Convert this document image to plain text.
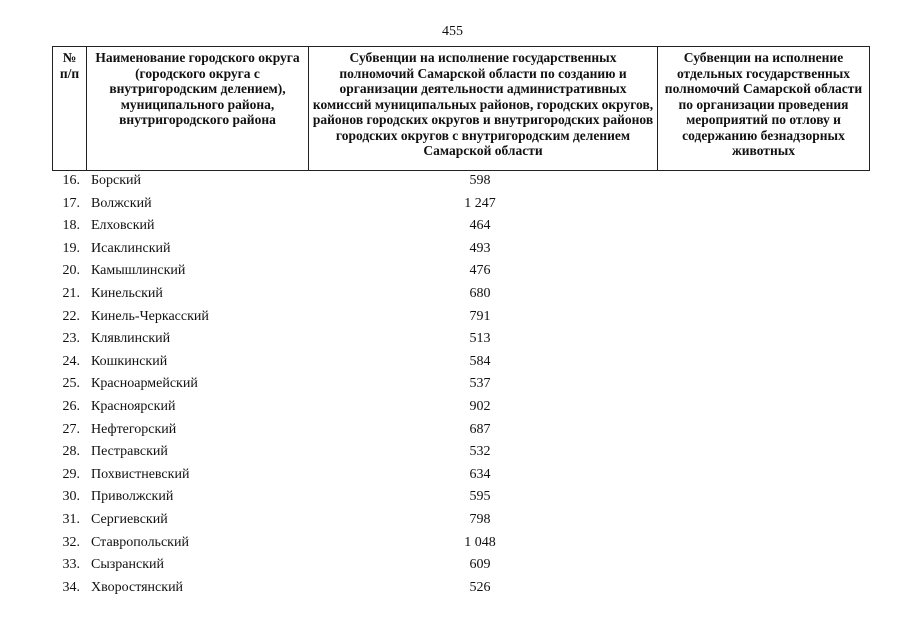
455
№ п/п	Наименование городского округа (городского округа с внутригородским делением), муниципального района, внутригородского района	Субвенции на исполнение государственных полномочий Самарской области по созданию и организации деятельности административных комиссий муниципальных районов, городских округов, районов городских округов и внутригородских районов городских округов с внутригородским делением Самарской области	Субвенции на исполнение отдельных государственных полномочий Самарской области по организации проведения мероприятий по отлову и содержанию безнадзорных животных
16. Борский	598
17. Волжский	1 247
18. Елховский	464
19. Исаклинский	493
20. Камышлинский	476
21. Кинельский	680
22. Кинель-Черкасский	791
23. Клявлинский	513
24. Кошкинский	584
25. Красноармейский	537
26. Красноярский	902
27. Нефтегорский	687
28. Пестравский	532
29. Похвистневский	634
30. Приволжский	595
31. Сергиевский	798
32. Ставропольский	1 048
33. Сызранский	609
34. Хворостянский	526
